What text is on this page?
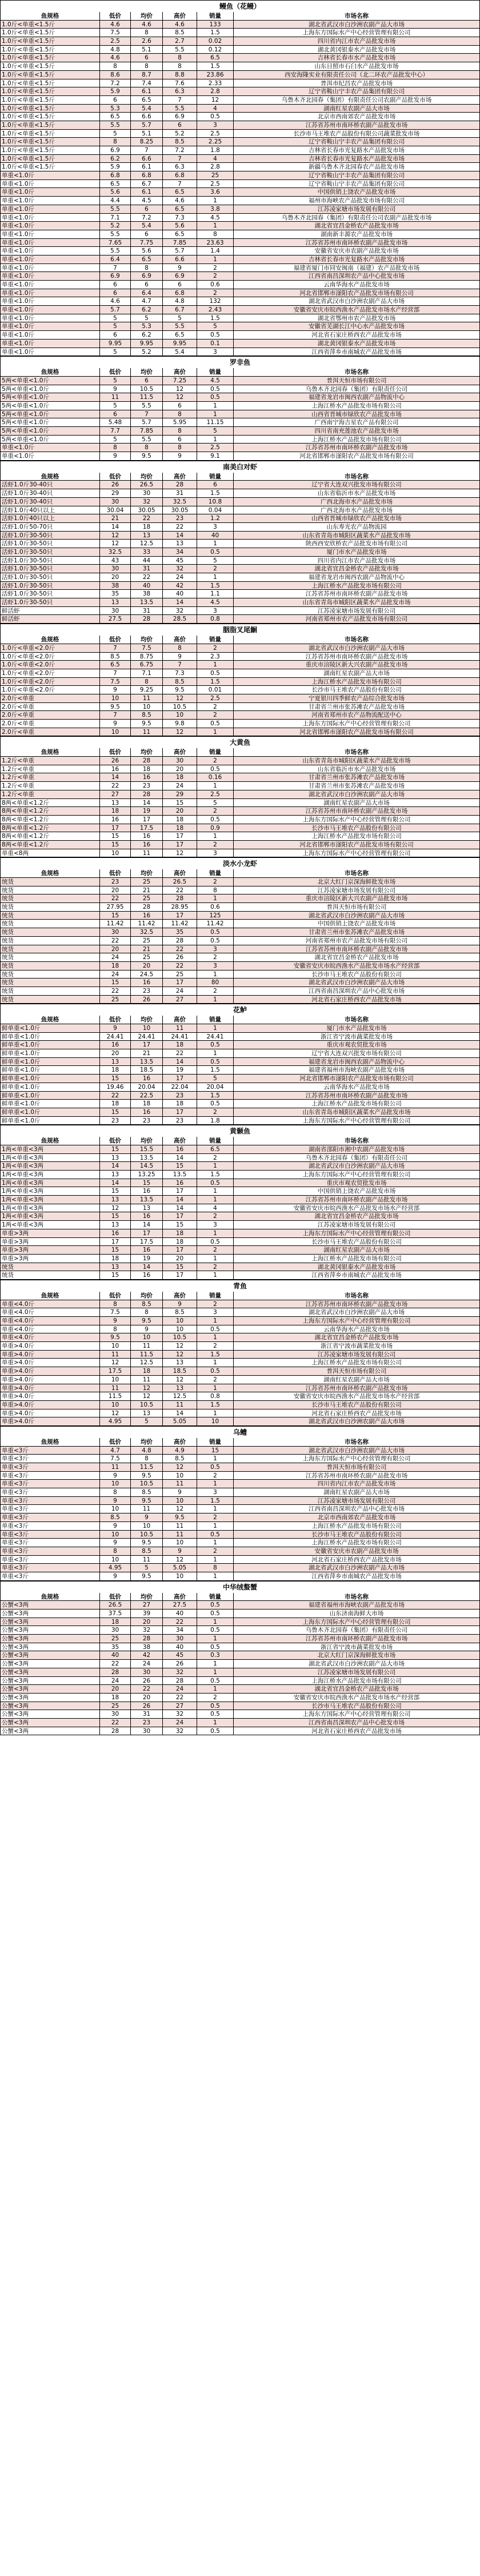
鳗鱼（花鳗）
鱼规格	低价	均价	高价	销量	市场名称
1.0斤<单重<1.5斤	4.6	4.6	4.6	133	湖北省武汉市白沙洲农副产品大市场
1.0斤<单重<1.5斤	7.5	8	8.5	1.5	上海东方国际水产中心经营管理有限公司
1.0斤<单重<1.5斤	2.5	2.6	2.7	0.02	四川省内江市农产品批发市场
1.0斤<单重<1.5斤	4.8	5.1	5.5	0.12	湖北黄冈银泰水产品批发市场
1.0斤<单重<1.5斤	4.6	6	8	6.5	吉林省长春市水产品批发市场
1.0斤<单重<1.5斤	8	8	8	1.5	山东日照市石臼水产品批发市场
1.0斤<单重<1.5斤	8.6	8.7	8.8	23.86	西安海隆实业有限责任公司（北二环农产品批发中心）
1.0斤<单重<1.5斤	7.2	7.4	7.6	2.33	普洱市纪昌农产品批发市场
1.0斤<单重<1.5斤	5.9	6.1	6.3	2.8	辽宁省鞍山宁丰农产品集团有限公司
1.0斤<单重<1.5斤	6	6.5	7	12	乌鲁木齐北园春（集团）有限责任公司农副产品批发市场
1.0斤<单重<1.5斤	5.3	5.4	5.5	4	湖南红星农副产品大市场
1.0斤<单重<1.5斤	6.5	6.6	6.9	0.5	北京市西南郊农产品批发市场
1.0斤<单重<1.5斤	5.5	5.7	6	3	江苏省苏州市南环桥农副产品批发市场
1.0斤<单重<1.5斤	5	5.1	5.2	2.5	长沙市马王堆农产品股份有限公司蔬菜批发市场
1.0斤<单重<1.5斤	8	8.25	8.5	2.25	辽宁省鞍山宁丰农产品集团有限公司
1.0斤<单重<1.5斤	6.9	7	7.2	1.8	吉林省长春市光复路水产品批发市场
1.0斤<单重<1.5斤	6.2	6.6	7	4	吉林省长春市光复路水产品批发市场
1.0斤<单重<1.5斤	5.9	6.1	6.3	2.8	新疆乌鲁木齐北园春农产品批发市场
单重<1.0斤	6.8	6.8	6.8	25	辽宁省鞍山宁丰农产品集团有限公司
单重<1.0斤	6.5	6.7	7	2.5	辽宁省鞍山宁丰农产品集团有限公司
单重<1.0斤	5.6	6.1	6.5	3.6	中国供销上饶农产品批发市场
单重<1.0斤	4.4	4.5	4.6	1	福州市海峡农产品批发市场有限公司
单重<1.0斤	5.5	6	6.5	3.8	江苏凌家塘市场发展有限公司
单重<1.0斤	7.1	7.2	7.3	4.5	乌鲁木齐北园春（集团）有限责任公司农副产品批发市场
单重<1.0斤	5.2	5.4	5.6	1	湖北省宜昌金桥农产品批发市场
单重<1.0斤	5.5	6	6.5	8	湖南新丰源农产品批发市场
单重<1.0斤	7.65	7.75	7.85	23.63	江苏省苏州市南环桥农副产品批发市场
单重<1.0斤	5.5	5.6	5.7	1.4	安徽省安庆市农副产品批发市场
单重<1.0斤	6.4	6.5	6.6	1	吉林省长春市光复路水产品批发市场
单重<1.0斤	7	8	9	2	福建省厦门市同安闽南（福建）农产品批发市场
单重<1.0斤	6.9	6.9	6.9	2	江西省南昌深圳农产品中心批发市场
单重<1.0斤	6	6	6	0.6	云南华海水产品批发市场
单重<1.0斤	6	6.4	6.8	2	河北省邯郸市滏阳农产品批发市场有限公司
单重<1.0斤	4.6	4.7	4.8	132	湖北省武汉市白沙洲农副产品大市场
单重<1.0斤	5.7	6.2	6.7	2.43	安徽省安庆市皖西渔水产品批发市场水产经营部
单重<1.0斤	5	5	5	1.5	湖北省鄂州市农产品批发市场
单重<1.0斤	5	5.3	5.5	5	安徽省芜湖长江中心水产品批发市场
单重<1.0斤	6	6.2	6.5	0.5	河北省石家庄桥西农产品批发市场
单重<1.0斤	9.95	9.95	9.95	0.1	湖北黄冈银泰水产品批发市场
单重<1.0斤	5	5.2	5.4	3	江西省萍乡市南城农产品批发市场
罗非鱼
鱼规格	低价	均价	高价	销量	市场名称
5两<单重<1.0斤	5	6	7.25	4.5	普洱天恒市场有限公司
5两<单重<1.0斤	9	10.5	12	0.5	乌鲁木齐北园春（集团）有限责任公司
5两<单重<1.0斤	11	11.5	12	0.5	福建省龙岩市闽西农副产品物流中心
5两<单重<1.0斤	5	5.5	6	1	上海江桥水产品批发市场有限公司
5两<单重<1.0斤	6	7	8	1	山西省晋城市绿欣农产品批发市场
5两<单重<1.0斤	5.48	5.7	5.95	11.15	广西南宁海吉星农产品有限公司
5两<单重<1.0斤	7.7	7.85	8	5	四川省南充莲池农产品批发市场
5两<单重<1.0斤	5	5.5	6	1	上海江桥水产品批发市场有限公司
单重<1.0斤	8	8	8	2.5	江苏省苏州市南环桥农副产品批发市场
单重<1.0斤	9	9.5	9	9.1	河北省邯郸市滏阳农产品批发市场有限公司
南美白对虾
鱼规格	低价	均价	高价	销量	市场名称
活虾1.0斤30-40只	26	26.5	28	6	辽宁省大连双兴批发市场有限公司
活虾1.0斤30-40只	29	30	31	1.5	山东省临沂市水产品批发市场
活虾1.0斤30-40只	30	32	32.5	10.8	广西北海市水产品批发市场
活虾1.0斤40只以上	30.04	30.05	30.05	0.04	广西北海市水产品批发市场
活虾1.0斤40只以上	21	22	23	1.2	山西省晋城市绿欣农产品批发市场
活虾1.0斤50-70只	14	18	22	3	山东寿光农产品物流园
活虾1.0斤30-50只	12	13	14	40	山东省青岛市城阳区蔬菜水产品批发市场
活虾1.0斤30-50只	12	12.5	13	1	陕西西安欣桥农产品批发市场有限公司
活虾1.0斤30-50只	32.5	33	34	0.5	厦门市水产品批发市场
活虾1.0斤30-50只	43	44	45	5	四川省内江市农产品批发市场
活虾1.0斤30-50只	30	31	32	2	湖北省宜昌金桥农产品批发市场
活虾1.0斤30-50只	20	22	24	1	福建省龙岩市闽西农副产品物流中心
活虾1.0斤30-50只	38	40	42	1.5	上海江桥水产品批发市场有限公司
活虾1.0斤30-50只	35	38	40	1.1	江苏省苏州市南环桥农副产品批发市场
活虾1.0斤30-50只	13	13.5	14	4.5	山东省青岛市城阳区蔬菜水产品批发市场
鲜活虾	30	31	32	3	江苏凌家塘市场发展有限公司
鲜活虾	27.5	28	28.5	0.8	河南省郑州市农产品批发市场有限公司
胭脂叉尾鮰
鱼规格	低价	均价	高价	销量	市场名称
1.0斤<单重<2.0斤	7	7.5	8	2	湖北省武汉市白沙洲农副产品大市场
1.0斤<单重<2.0斤	8.5	8.75	9	2.3	江苏省苏州市南环桥农副产品批发市场
1.0斤<单重<2.0斤	6.5	6.75	7	1	重庆市涪陵区新大兴农副产品批发市场
1.0斤<单重<2.0斤	7	7.1	7.3	0.5	湖南红星农副产品大市场
1.0斤<单重<2.0斤	7.5	8	8.5	1.5	上海江桥水产品批发市场有限公司
1.0斤<单重<2.0斤	9	9.25	9.5	0.01	长沙市马王堆农产品股份有限公司
2.0斤<单重	10	11	12	2.5	宁夏银川四季鲜农产品综合批发市场
2.0斤<单重	9.5	10	10.5	2	甘肃省兰州市张苏滩农产品批发市场
2.0斤<单重	7	8.5	10	2	河南省郑州市农产品物流配送中心
2.0斤<单重	9	9.5	9.8	0.5	上海东方国际水产中心经营管理有限公司
2.0斤<单重	10	11	12	1	河北省邯郸市滏阳农产品批发市场有限公司
大黄鱼
鱼规格	低价	均价	高价	销量	市场名称
1.2斤<单重	26	28	30	2	山东省青岛市城阳区蔬菜水产品批发市场
1.2斤<单重	16	18	20	0.5	山东省临沂市水产品批发市场
1.2斤<单重	14	16	18	0.16	甘肃省兰州市张苏滩农产品批发市场
1.2斤<单重	22	23	24	1	甘肃省兰州市张苏滩农产品批发市场
1.2斤<单重	27	28	29	2.5	湖北省武汉市白沙洲农副产品大市场
8两<单重<1.2斤	13	14	15	5	湖南红星农副产品大市场
8两<单重<1.2斤	18	19	20	2	江苏省苏州市南环桥农副产品批发市场
8两<单重<1.2斤	16	17	18	0.5	上海东方国际水产中心经营管理有限公司
8两<单重<1.2斤	17	17.5	18	0.9	长沙市马王堆农产品股份有限公司
8两<单重<1.2斤	15	16	17	1	上海江桥水产品批发市场有限公司
8两<单重<1.2斤	15	16	17	2	河北省邯郸市滏阳农产品批发市场有限公司
单重<8两	10	11	12	3	上海东方国际水产中心经营管理有限公司
淡水小龙虾
鱼规格	低价	均价	高价	销量	市场名称
统货	23	25	26.5	2	北京大红门京深海鲜批发市场
统货	20	21	22	8	江苏凌家塘市场发展有限公司
统货	22	25	28	1	重庆市涪陵区新大兴农副产品批发市场
统货	27.95	28	28.95	0.6	普洱天恒市场有限公司
统货	15	16	17	125	湖北省武汉市白沙洲农副产品大市场
统货	11.42	11.42	11.42	11.42	中国供销上饶农产品批发市场
统货	30	32.5	35	0.5	甘肃省兰州市张苏滩农产品批发市场
统货	22	25	28	0.5	河南省郑州市农产品批发市场有限公司
统货	20	21	22	3	江苏省苏州市南环桥农副产品批发市场
统货	24	25	26	2	湖北省宜昌金桥农产品批发市场
统货	18	20	22	3	安徽省安庆市皖西渔水产品批发市场水产经营部
统货	24	24.5	25	1	长沙市马王堆农产品股份有限公司
统货	15	16	17	80	湖北省武汉市白沙洲农副产品大市场
统货	22	23	24	2	江西省南昌深圳农产品中心批发市场
统货	25	26	27	1	河北省石家庄桥西农产品批发市场
花鲈
鱼规格	低价	均价	高价	销量	市场名称
鲜单重<1.0斤	9	10	11	1	厦门市水产品批发市场
鲜单重<1.0斤	24.41	24.41	24.41	24.41	浙江省宁波市蔬菜批发市场
鲜单重<1.0斤	16	17	18	0.5	重庆市观农贸批发市场
鲜单重<1.0斤	20	21	22	1	辽宁省大连双兴批发市场有限公司
鲜单重<1.0斤	13	13.5	14	0.5	福建省龙岩市闽西农副产品物流中心
鲜单重<1.0斤	18	18.5	19	1.5	福建省福州市海峡农副产品批发市场
鲜单重<1.0斤	15	16	17	5	河北省邯郸市滏阳农产品批发市场有限公司
鲜单重<1.0斤	19.46	20.04	22.04	20.04	云南华海水产品批发市场
鲜单重<1.0斤	22	22.5	23	1.5	江苏省苏州市南环桥农副产品批发市场
鲜单重<1.0斤	18	18	18	0.5	上海江桥水产品批发市场有限公司
鲜单重<1.0斤	15	16	17	2	山东省青岛市城阳区蔬菜水产品批发市场
鲜单重<1.0斤	23	23	23	1.8	上海东方国际水产中心经营管理有限公司
黄颡鱼
鱼规格	低价	均价	高价	销量	市场名称
1两<单重<3两	15	15.5	16	6.5	湖南省邵阳市湘中农副产品批发市场
1两<单重<3两	13	13.5	14	2	乌鲁木齐北园春（集团）有限责任公司
1两<单重<3两	14	14.5	15	1	湖北省武汉市白沙洲农副产品大市场
1两<单重<3两	13	13.25	13.5	1.5	上海东方国际水产中心经营管理有限公司
1两<单重<3两	14	15	16	0.5	重庆市观农贸批发市场
1两<单重<3两	15	16	17	1	中国供销上饶农产品批发市场
1两<单重<3两	13	13.5	14	1	江苏省苏州市南环桥农副产品批发市场
1两<单重<3两	12	13	14	4	安徽省安庆市皖西渔水产品批发市场水产经营部
1两<单重<3两	15	16	17	2	湖北省宜昌金桥农产品批发市场
1两<单重<3两	13	14	15	3	江苏凌家塘市场发展有限公司
单重>3两	16	17	18	1	上海东方国际水产中心经营管理有限公司
单重>3两	17	17.5	18	0.5	长沙市马王堆农产品股份有限公司
单重>3两	15	16	17	2	湖南红星农副产品大市场
单重>3两	18	19	20	1	上海江桥水产品批发市场有限公司
统货	13	14	15	2	湖北黄冈银泰水产品批发市场
统货	15	16	17	1	江西省萍乡市南城农产品批发市场
青鱼
鱼规格	低价	均价	高价	销量	市场名称
单重<4.0斤	8	8.5	9	2	江苏省苏州市南环桥农副产品批发市场
单重<4.0斤	7.5	8	8.5	3	湖北省武汉市白沙洲农副产品大市场
单重<4.0斤	9	9.5	10	1	上海东方国际水产中心经营管理有限公司
单重<4.0斤	8	9	10	0.5	云南华海水产品批发市场
单重<4.0斤	9.5	10	10.5	1	湖北省宜昌金桥农产品批发市场
单重>4.0斤	10	11	12	2	浙江省宁波市蔬菜批发市场
单重>4.0斤	11	11.5	12	1.5	江苏凌家塘市场发展有限公司
单重>4.0斤	12	12.5	13	1	上海江桥水产品批发市场有限公司
单重>4.0斤	17.5	18	18.5	0.5	普洱天恒市场有限公司
单重>4.0斤	10	11	12	2	湖南红星农副产品大市场
单重>4.0斤	11	12	13	1	江苏省苏州市南环桥农副产品批发市场
单重>4.0斤	11.5	12	12.5	0.8	安徽省安庆市皖西渔水产品批发市场水产经营部
单重>4.0斤	10	10.5	11	1.5	长沙市马王堆农产品股份有限公司
单重>4.0斤	12	13	14	1	河北省石家庄桥西农产品批发市场
单重>4.0斤	4.95	5	5.05	10	湖北省武汉市白沙洲农副产品大市场
乌鳢
鱼规格	低价	均价	高价	销量	市场名称
单重<3斤	4.7	4.8	4.9	15	湖北省武汉市白沙洲农副产品大市场
单重<3斤	7.5	8	8.5	1	上海东方国际水产中心经营管理有限公司
单重<3斤	11	11.5	12	0.5	普洱天恒市场有限公司
单重<3斤	9	9.5	10	2	江苏省苏州市南环桥农副产品批发市场
单重<3斤	10	10.5	11	1	四川省内江市农产品批发市场
单重<3斤	8	8.5	9	3	湖南红星农副产品大市场
单重<3斤	9	9.5	10	1.5	江苏凌家塘市场发展有限公司
单重<3斤	10	11	12	1	江西省南昌深圳农产品中心批发市场
单重<3斤	8.5	9	9.5	2	北京市西南郊农产品批发市场
单重<3斤	9	10	11	1	上海江桥水产品批发市场有限公司
单重<3斤	10	10.5	11	0.5	长沙市马王堆农产品股份有限公司
单重<3斤	9	9.5	10	1	上海江桥水产品批发市场有限公司
单重<3斤	8	8.5	9	2	安徽省安庆市农副产品批发市场
单重<3斤	10	11	12	1	河北省石家庄桥西农产品批发市场
单重<3斤	4.95	5	5.05	8	湖北省武汉市白沙洲农副产品大市场
单重<3斤	9	9.5	10	1	江西省萍乡市南城农产品批发市场
中华绒螯蟹
鱼规格	低价	均价	高价	销量	市场名称
公蟹<3两	26.5	27	27.5	0.5	福建省福州市海峡农副产品批发市场
公蟹<3两	37.5	39	40	0.5	山东济南海鲜大市场
公蟹<3两	18	20	22	1	上海东方国际水产中心经营管理有限公司
公蟹<3两	30	32	34	0.5	乌鲁木齐北园春（集团）有限责任公司
公蟹<3两	25	28	30	1	江苏省苏州市南环桥农副产品批发市场
公蟹<3两	35	38	40	0.5	浙江省宁波市蔬菜批发市场
公蟹<3两	40	42	45	0.3	北京大红门京深海鲜批发市场
公蟹<3两	22	24	26	1	湖北省武汉市白沙洲农副产品大市场
公蟹<3两	28	30	32	1	江苏凌家塘市场发展有限公司
公蟹<3两	24	26	28	0.5	上海江桥水产品批发市场有限公司
公蟹<3两	20	22	24	1	湖北省宜昌金桥农产品批发市场
公蟹<3两	18	20	22	2	安徽省安庆市皖西渔水产品批发市场水产经营部
公蟹<3两	25	26	27	0.5	长沙市马王堆农产品股份有限公司
公蟹<3两	30	31	32	0.5	上海东方国际水产中心经营管理有限公司
公蟹<3两	22	23	24	1	江西省南昌深圳农产品中心批发市场
公蟹<3两	28	30	32	0.5	河北省石家庄桥西农产品批发市场
